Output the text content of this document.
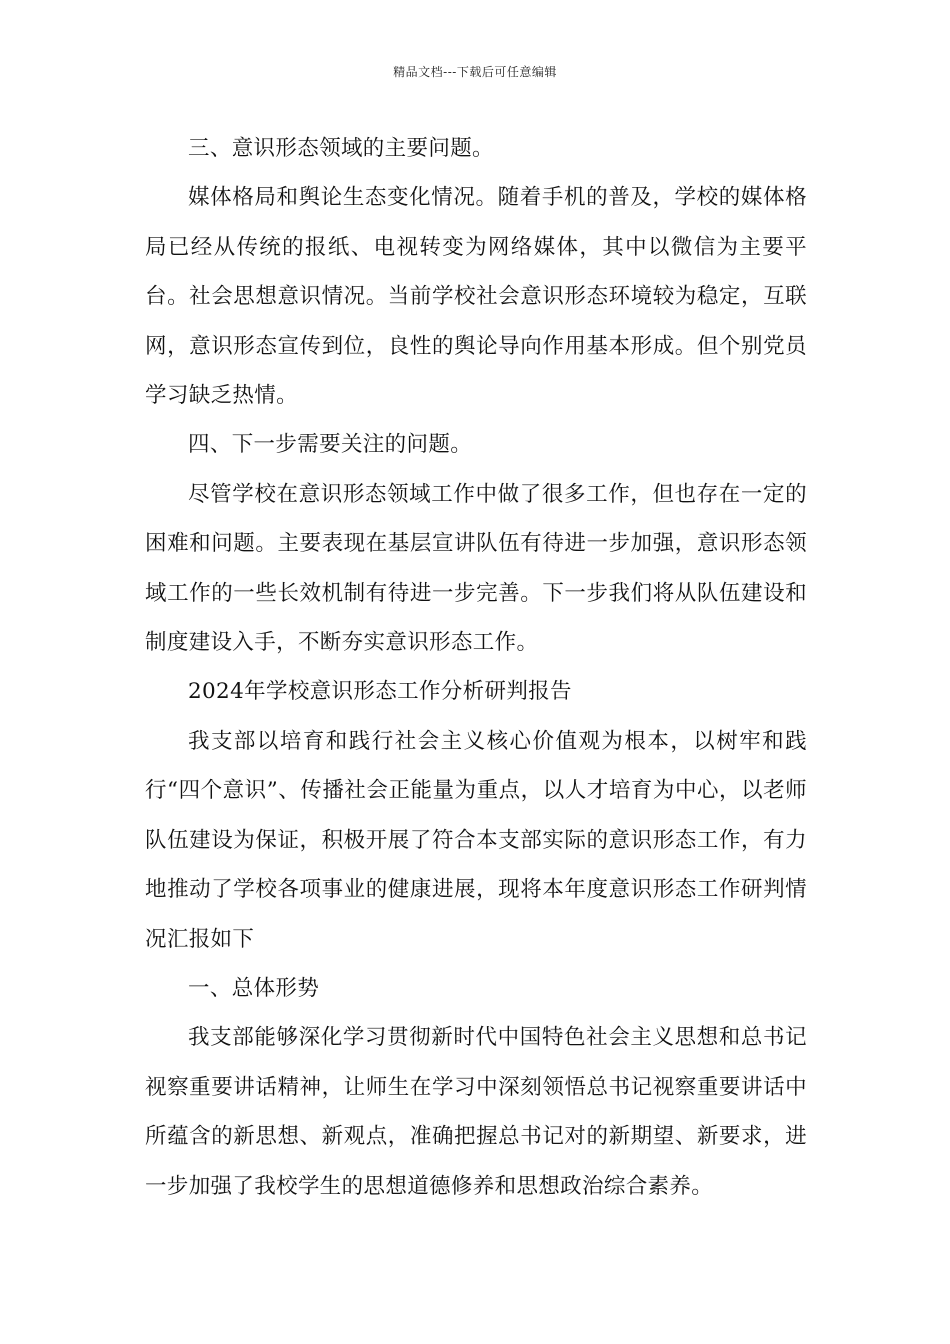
精品文档---下载后可任意编辑

三、意识形态领域的主要问题。

媒体格局和舆论生态变化情况。随着手机的普及，学校的媒体格局已经从传统的报纸、电视转变为网络媒体，其中以微信为主要平台。社会思想意识情况。当前学校社会意识形态环境较为稳定，互联网，意识形态宣传到位，良性的舆论导向作用基本形成。但个别党员学习缺乏热情。

四、下一步需要关注的问题。

尽管学校在意识形态领域工作中做了很多工作，但也存在一定的困难和问题。主要表现在基层宣讲队伍有待进一步加强，意识形态领域工作的一些长效机制有待进一步完善。下一步我们将从队伍建设和制度建设入手，不断夯实意识形态工作。

2024年学校意识形态工作分析研判报告

我支部以培育和践行社会主义核心价值观为根本，以树牢和践行“四个意识”、传播社会正能量为重点，以人才培育为中心，以老师队伍建设为保证，积极开展了符合本支部实际的意识形态工作，有力地推动了学校各项事业的健康进展，现将本年度意识形态工作研判情况汇报如下

一、总体形势

我支部能够深化学习贯彻新时代中国特色社会主义思想和总书记视察重要讲话精神，让师生在学习中深刻领悟总书记视察重要讲话中所蕴含的新思想、新观点，准确把握总书记对的新期望、新要求，进一步加强了我校学生的思想道德修养和思想政治综合素养。
